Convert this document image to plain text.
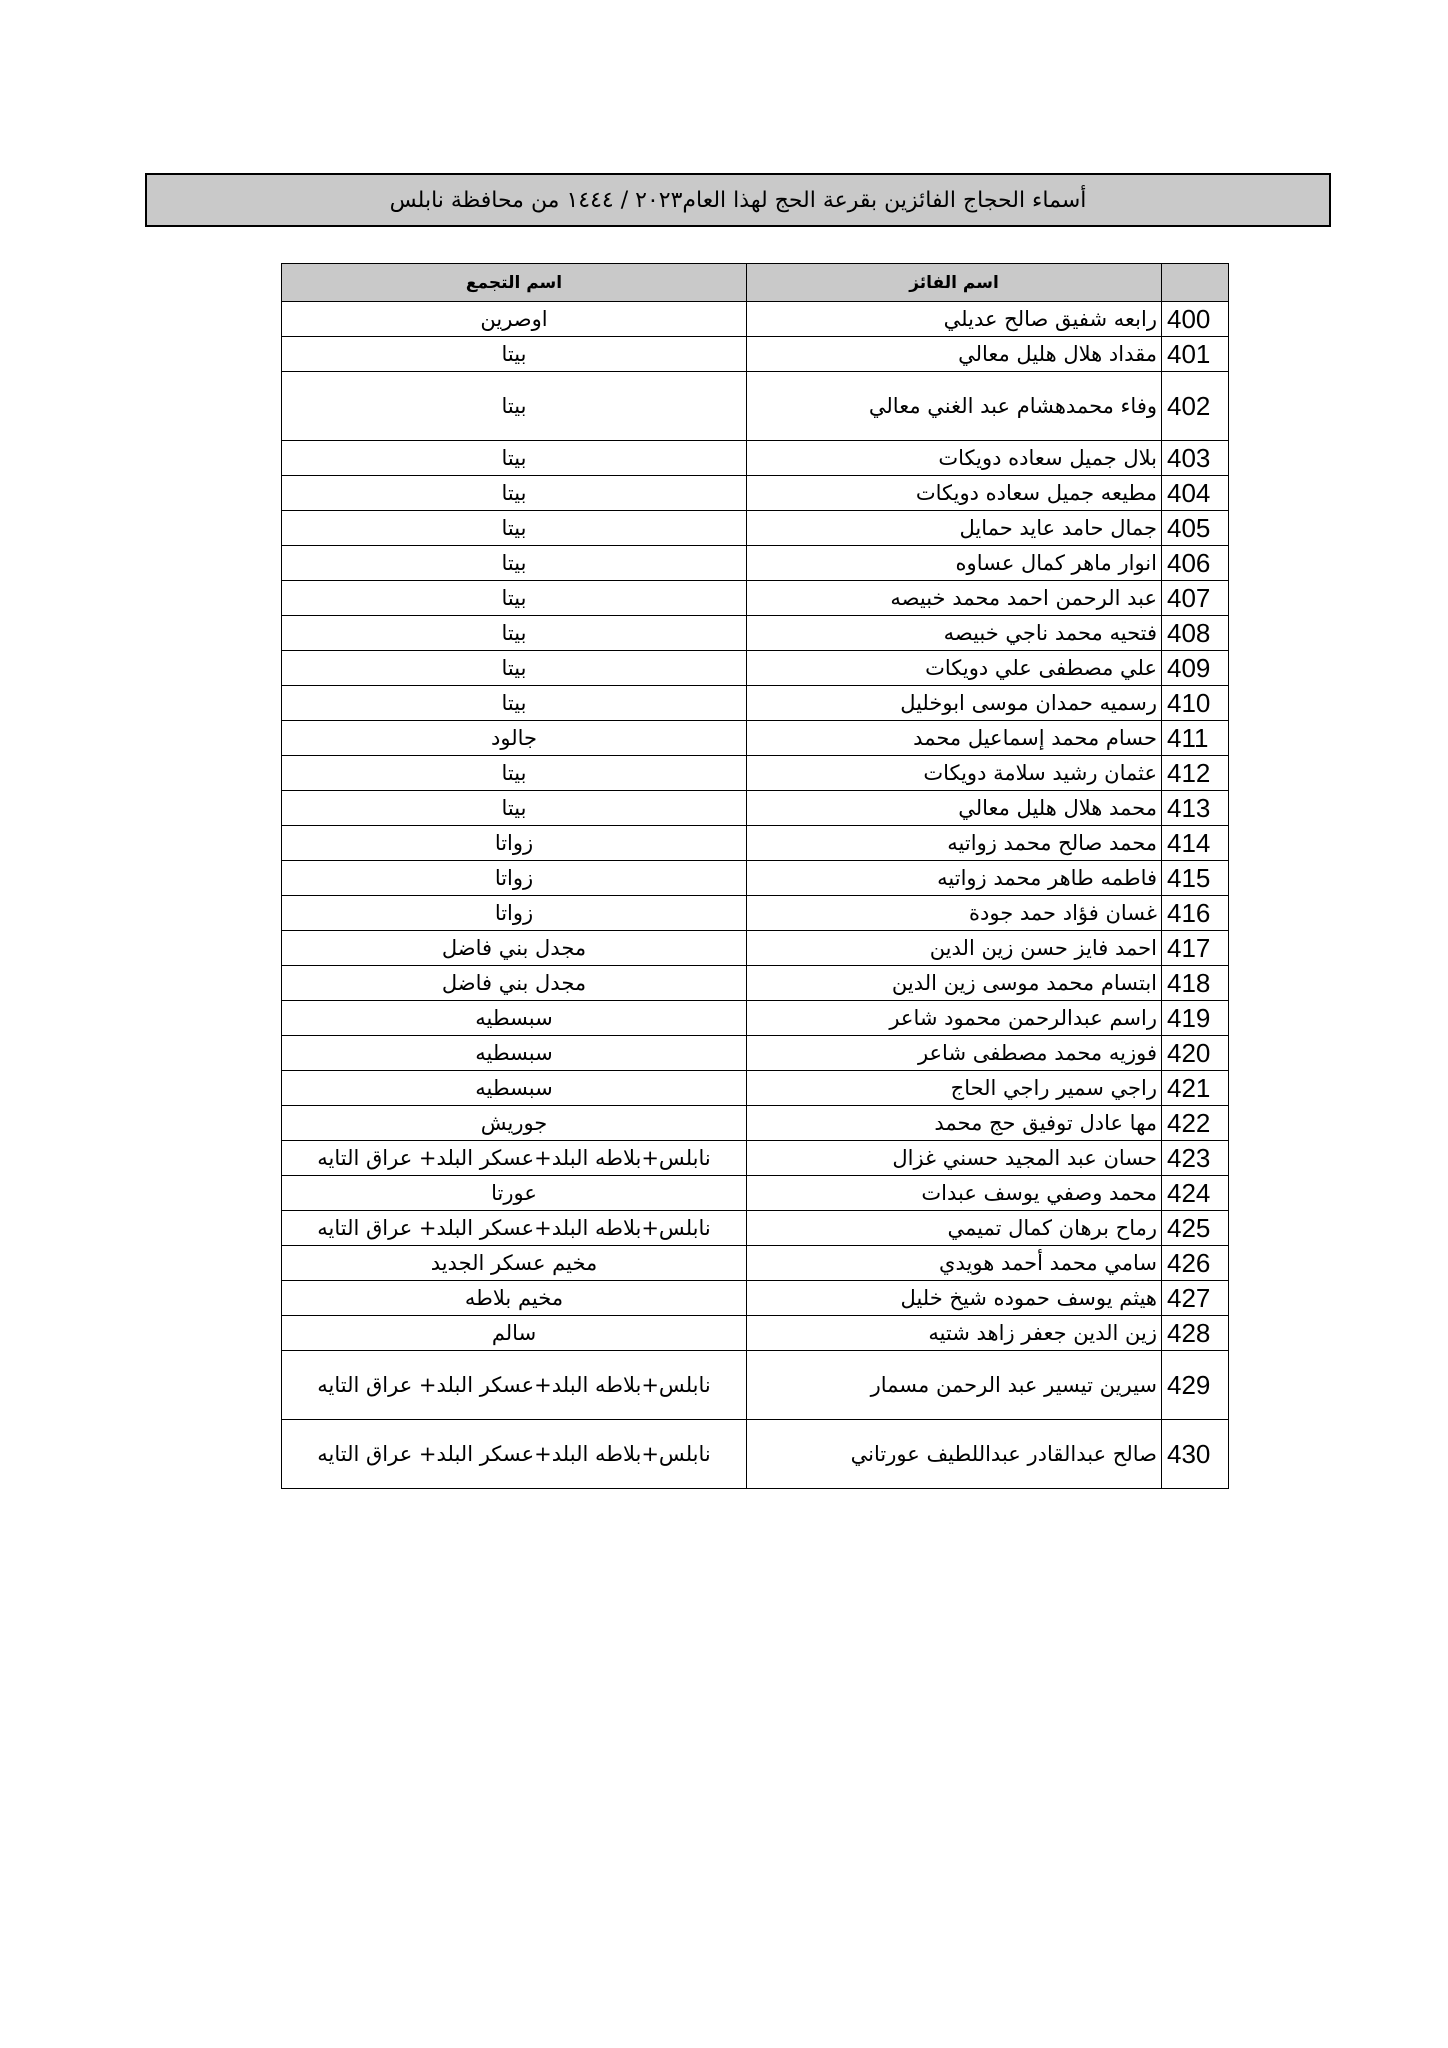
أسماء الحجاج الفائزين بقرعة الحج لهذا العام٢٠٢٣ / ١٤٤٤ من محافظة نابلس
	اسم الفائز	اسم التجمع
400	رابعه شفيق صالح عديلي	اوصرين
401	مقداد هلال هليل معالي	بيتا
402	وفاء محمدهشام عبد الغني معالي	بيتا
403	بلال جميل سعاده دويكات	بيتا
404	مطيعه جميل سعاده دويكات	بيتا
405	جمال حامد عايد حمايل	بيتا
406	انوار ماهر كمال عساوه	بيتا
407	عبد الرحمن احمد محمد خبيصه	بيتا
408	فتحيه محمد ناجي خبيصه	بيتا
409	علي مصطفى علي دويكات	بيتا
410	رسميه حمدان موسى ابوخليل	بيتا
411	حسام محمد إسماعيل محمد	جالود
412	عثمان رشيد سلامة دويكات	بيتا
413	محمد هلال هليل معالي	بيتا
414	محمد صالح محمد زواتيه	زواتا
415	فاطمه طاهر محمد زواتيه	زواتا
416	غسان فؤاد حمد جودة	زواتا
417	احمد فايز حسن زين الدين	مجدل بني فاضل
418	ابتسام محمد موسى زين الدين	مجدل بني فاضل
419	راسم عبدالرحمن محمود شاعر	سبسطيه
420	فوزيه محمد مصطفى شاعر	سبسطيه
421	راجي سمير راجي الحاج	سبسطيه
422	مها عادل توفيق حج محمد	جوريش
423	حسان عبد المجيد حسني غزال	نابلس+بلاطه البلد+عسكر البلد+ عراق التايه
424	محمد وصفي يوسف عبدات	عورتا
425	رماح برهان كمال تميمي	نابلس+بلاطه البلد+عسكر البلد+ عراق التايه
426	سامي محمد أحمد هويدي	مخيم عسكر الجديد
427	هيثم يوسف حموده شيخ خليل	مخيم بلاطه
428	زين الدين جعفر زاهد شتيه	سالم
429	سيرين تيسير عبد الرحمن مسمار	نابلس+بلاطه البلد+عسكر البلد+ عراق التايه
430	صالح عبدالقادر عبداللطيف عورتاني	نابلس+بلاطه البلد+عسكر البلد+ عراق التايه
